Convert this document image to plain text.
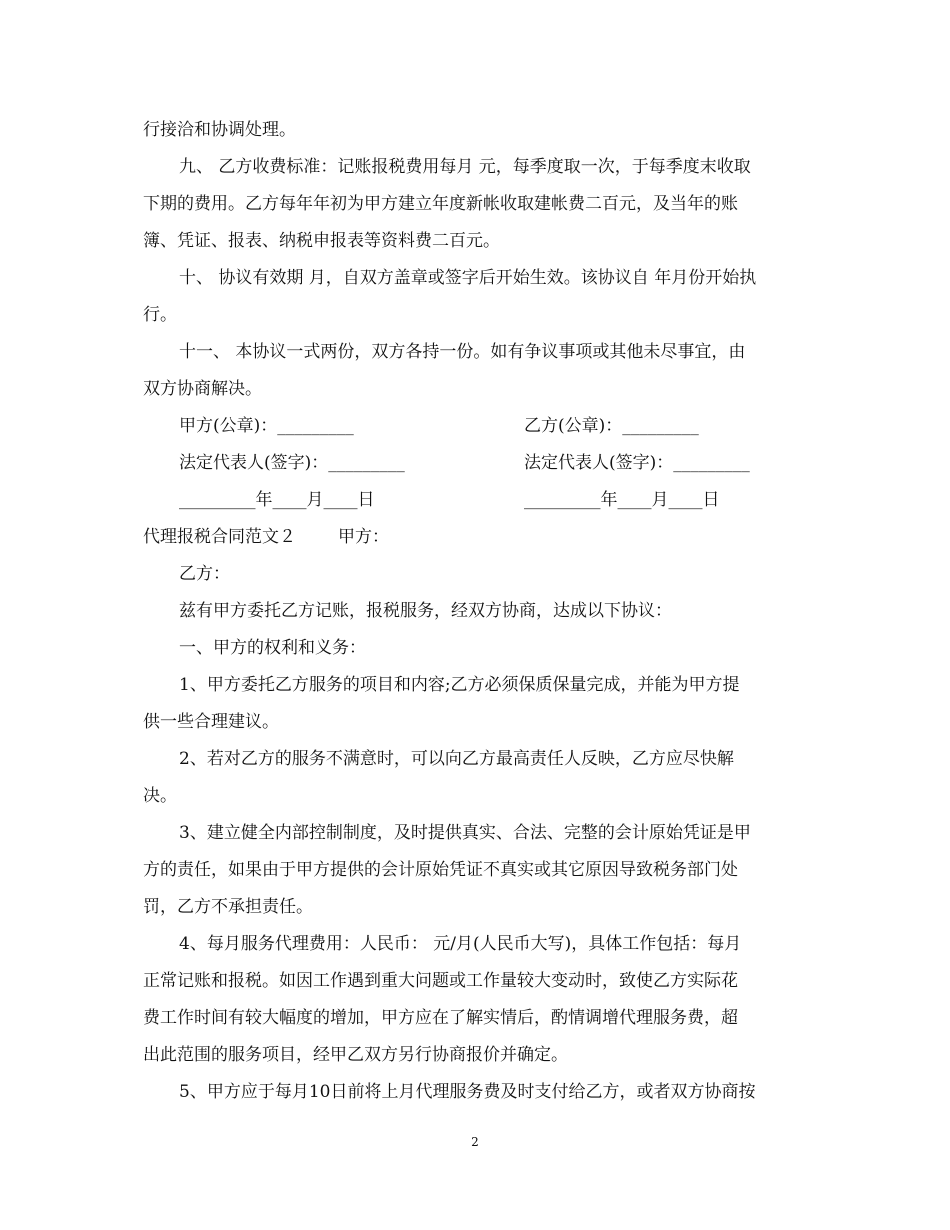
行接洽和协调处理。
九、 乙方收费标准：记账报税费用每月 元，每季度取一次，于每季度末收取
下期的费用。乙方每年年初为甲方建立年度新帐收取建帐费二百元，及当年的账
簿、凭证、报表、纳税申报表等资料费二百元。
十、 协议有效期 月，自双方盖章或签字后开始生效。该协议自 年月份开始执
行。
十一、 本协议一式两份，双方各持一份。如有争议事项或其他未尽事宜，由
双方协商解决。
甲方(公章)：_________	乙方(公章)：_________
法定代表人(签字)：_________	法定代表人(签字)：_________
_________年____月____日	_________年____月____日
代理报税合同范文２ 甲方：
乙方：
兹有甲方委托乙方记账，报税服务，经双方协商，达成以下协议：
一、甲方的权利和义务：
1、甲方委托乙方服务的项目和内容;乙方必须保质保量完成，并能为甲方提
供一些合理建议。
2、若对乙方的服务不满意时，可以向乙方最高责任人反映，乙方应尽快解
决。
3、建立健全内部控制制度，及时提供真实、合法、完整的会计原始凭证是甲
方的责任，如果由于甲方提供的会计原始凭证不真实或其它原因导致税务部门处
罚，乙方不承担责任。
4、每月服务代理费用：人民币： 元/月(人民币大写)，具体工作包括：每月
正常记账和报税。如因工作遇到重大问题或工作量较大变动时，致使乙方实际花
费工作时间有较大幅度的增加，甲方应在了解实情后，酌情调增代理服务费，超
出此范围的服务项目，经甲乙双方另行协商报价并确定。
5、甲方应于每月10日前将上月代理服务费及时支付给乙方，或者双方协商按
2
